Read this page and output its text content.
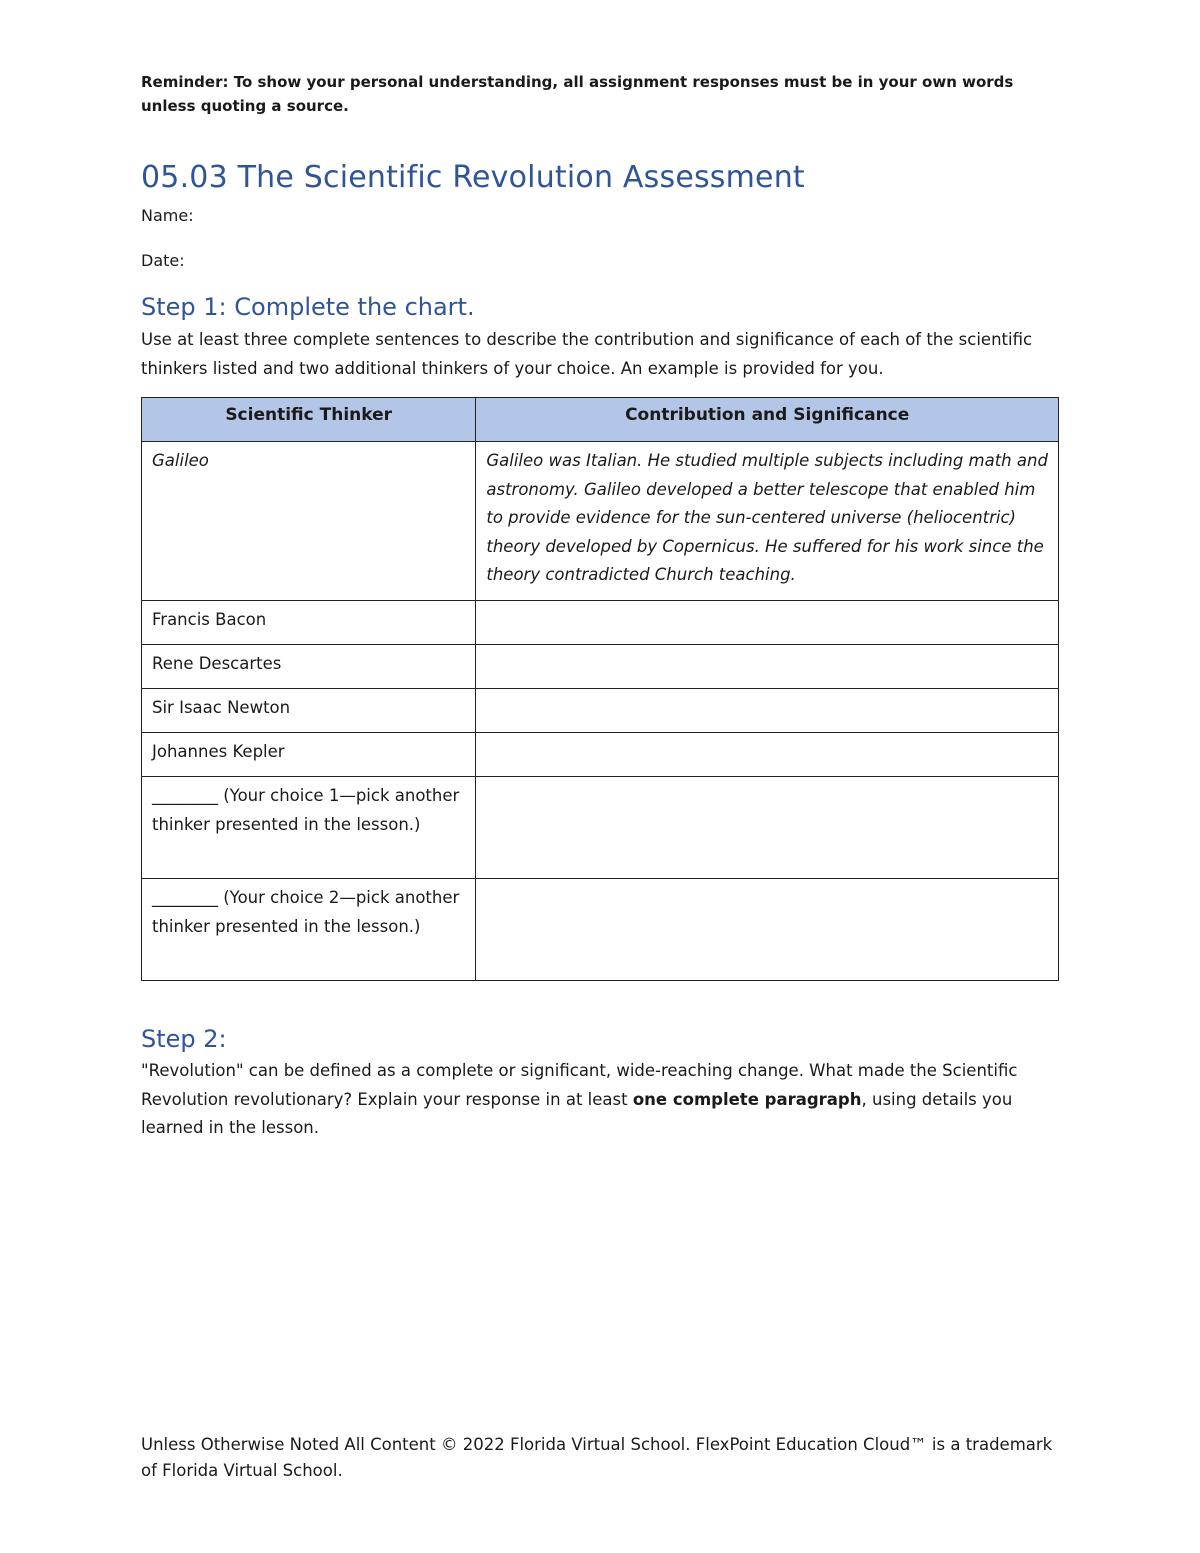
Reminder: To show your personal understanding, all assignment responses must be in your own words unless quoting a source.

05.03 The Scientific Revolution Assessment

Name:

Date:

Step 1: Complete the chart.

Use at least three complete sentences to describe the contribution and significance of each of the scientific thinkers listed and two additional thinkers of your choice. An example is provided for you.

Scientific Thinker	Contribution and Significance
Galileo	Galileo was Italian. He studied multiple subjects including math and astronomy. Galileo developed a better telescope that enabled him to provide evidence for the sun-centered universe (heliocentric) theory developed by Copernicus. He suffered for his work since the theory contradicted Church teaching.
Francis Bacon	
Rene Descartes	
Sir Isaac Newton	
Johannes Kepler	
________ (Your choice 1—pick another thinker presented in the lesson.)	
________ (Your choice 2—pick another thinker presented in the lesson.)	
Step 2:

"Revolution" can be defined as a complete or significant, wide-reaching change. What made the Scientific Revolution revolutionary? Explain your response in at least one complete paragraph, using details you learned in the lesson.

Unless Otherwise Noted All Content © 2022 Florida Virtual School. FlexPoint Education Cloud™ is a trademark of Florida Virtual School.
